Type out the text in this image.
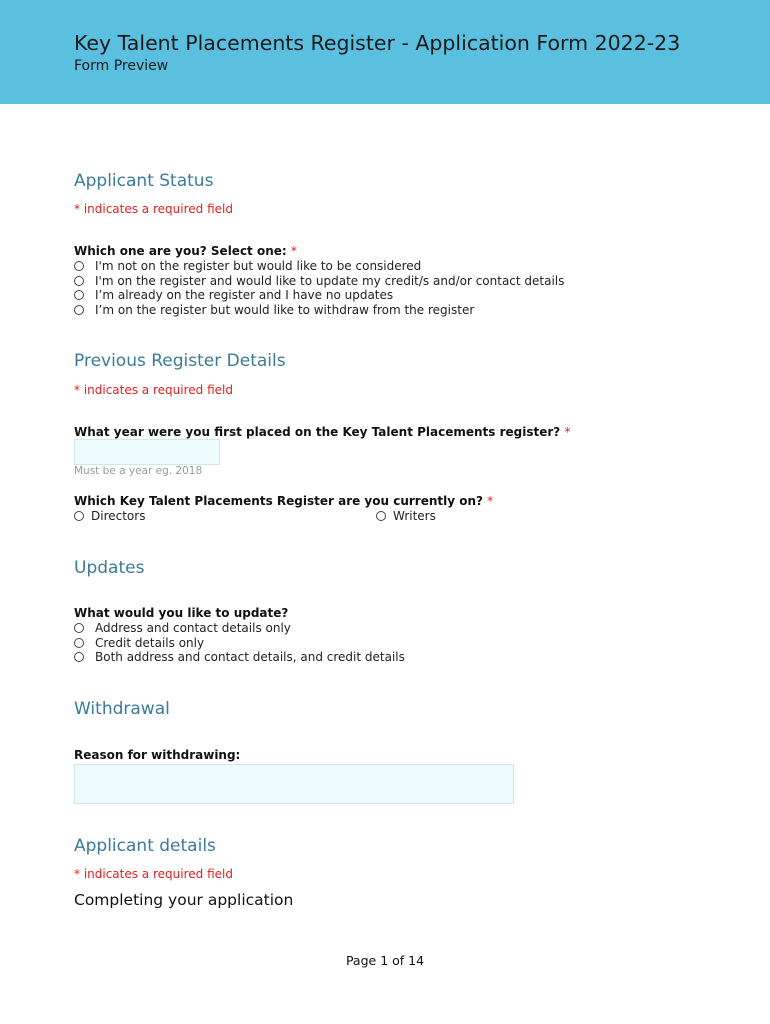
Key Talent Placements Register - Application Form 2022-23
Form Preview
Applicant Status
* indicates a required field
Which one are you? Select one: *
I'm not on the register but would like to be considered
I'm on the register and would like to update my credit/s and/or contact details
I’m already on the register and I have no updates
I’m on the register but would like to withdraw from the register
Previous Register Details
* indicates a required field
What year were you first placed on the Key Talent Placements register? *
Must be a year eg. 2018
Which Key Talent Placements Register are you currently on? *
Directors	Writers
Updates
What would you like to update?
Address and contact details only
Credit details only
Both address and contact details, and credit details
Withdrawal
Reason for withdrawing:
Applicant details
* indicates a required field
Completing your application
Page 1 of 14
